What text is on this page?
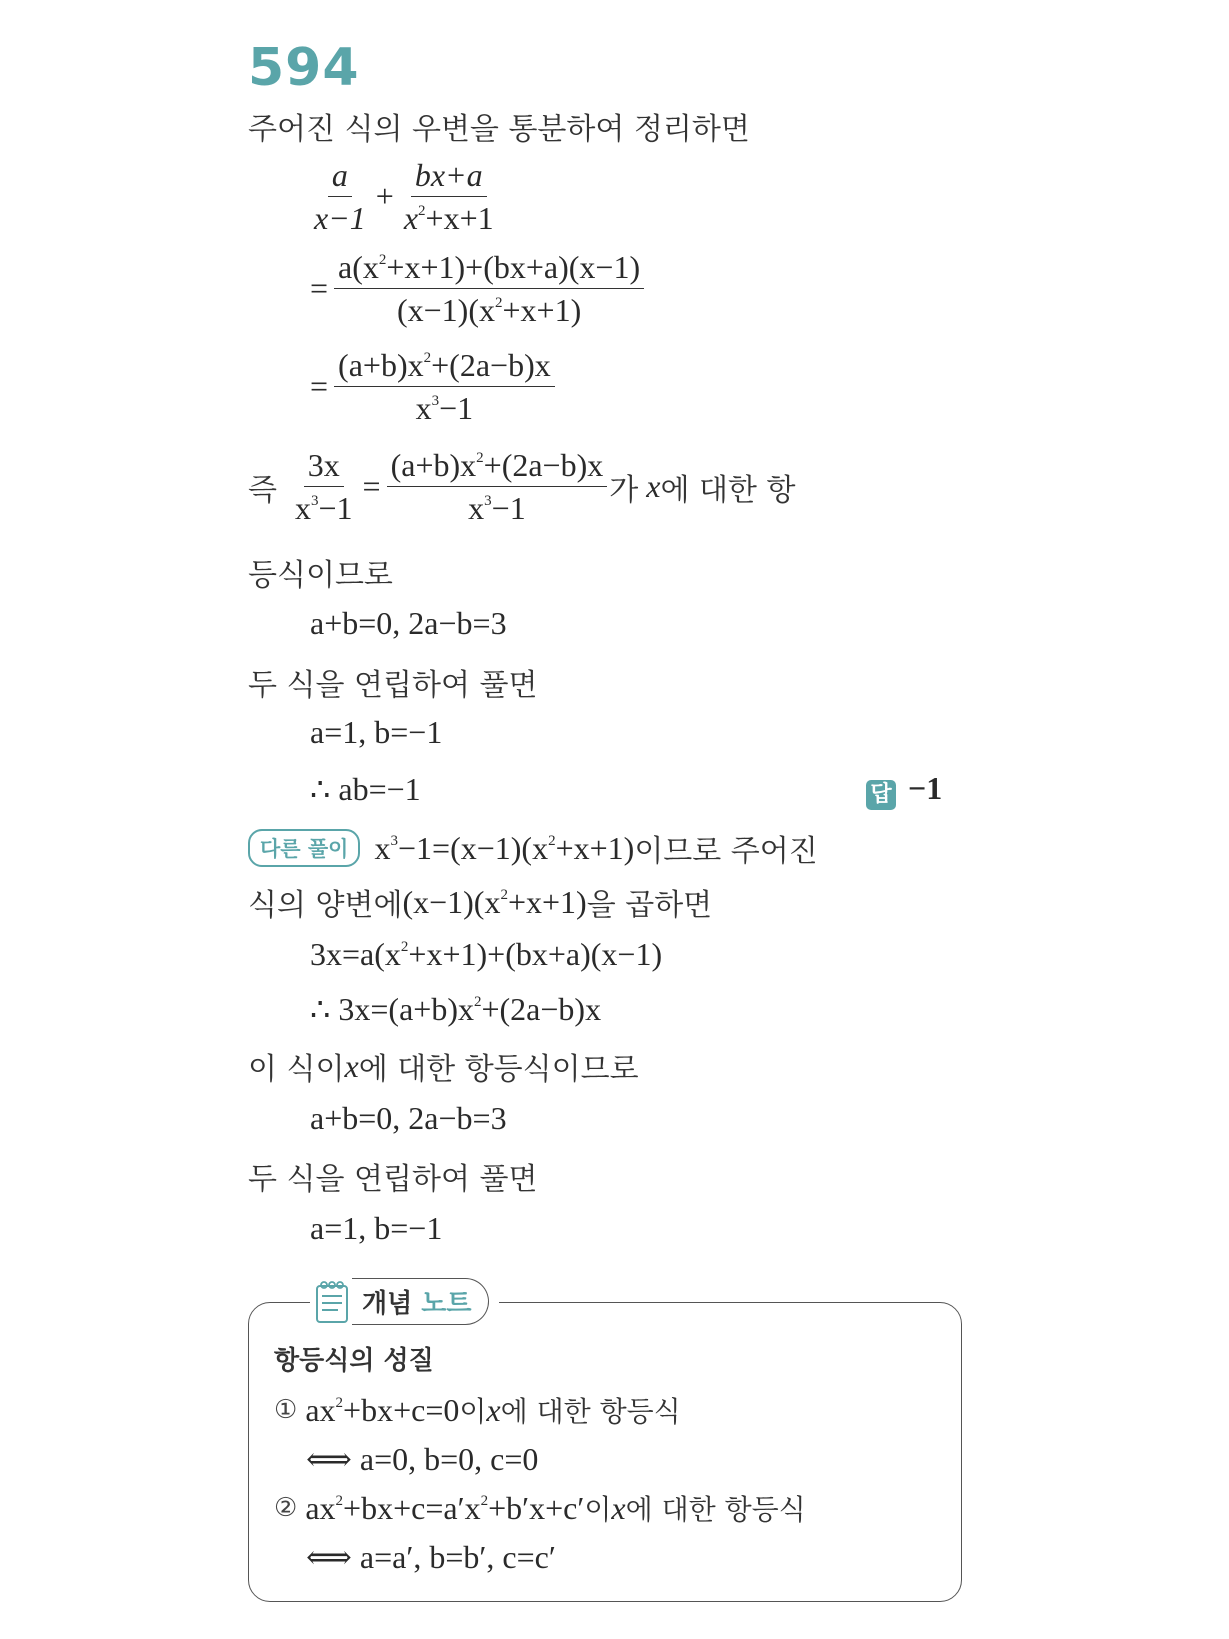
594
주어진 식의 우변을 통분하여 정리하면
$\frac{a}{x-1} + \frac{bx+a}{x^2+x+1}$
= $\frac{a(x^2+x+1)+(bx+a)(x-1)}{(x-1)(x^2+x+1)}$
= $\frac{(a+b)x^2+(2a-b)x}{x^3-1}$
즉 $\frac{3x}{x^3-1} = \frac{(a+b)x^2+(2a-b)x}{x^3-1}$ 가 x 에 대한 항
등식이므로
a+b=0, 2a−b=3
두 식을 연립하여 풀면
a=1, b=−1
∴ ab=−1	답 −1
다른 풀이 $x^3-1=(x-1)(x^2+x+1)$ 이므로 주어진
식의 양변에 $(x-1)(x^2+x+1)$ 을 곱하면
$3x=a(x^2+x+1)+(bx+a)(x-1)$
∴ $3x=(a+b)x^2+(2a-b)x$
이 식이 x 에 대한 항등식이므로
a+b=0, 2a−b=3
두 식을 연립하여 풀면
a=1, b=−1
개념 노트
항등식의 성질
① $ax^2+bx+c=0$ 이 x 에 대한 항등식
⟺ a=0, b=0, c=0
② $ax^2+bx+c=a'x^2+b'x+c'$ 이 x 에 대한 항등식
⟺ a=a′, b=b′, c=c′
